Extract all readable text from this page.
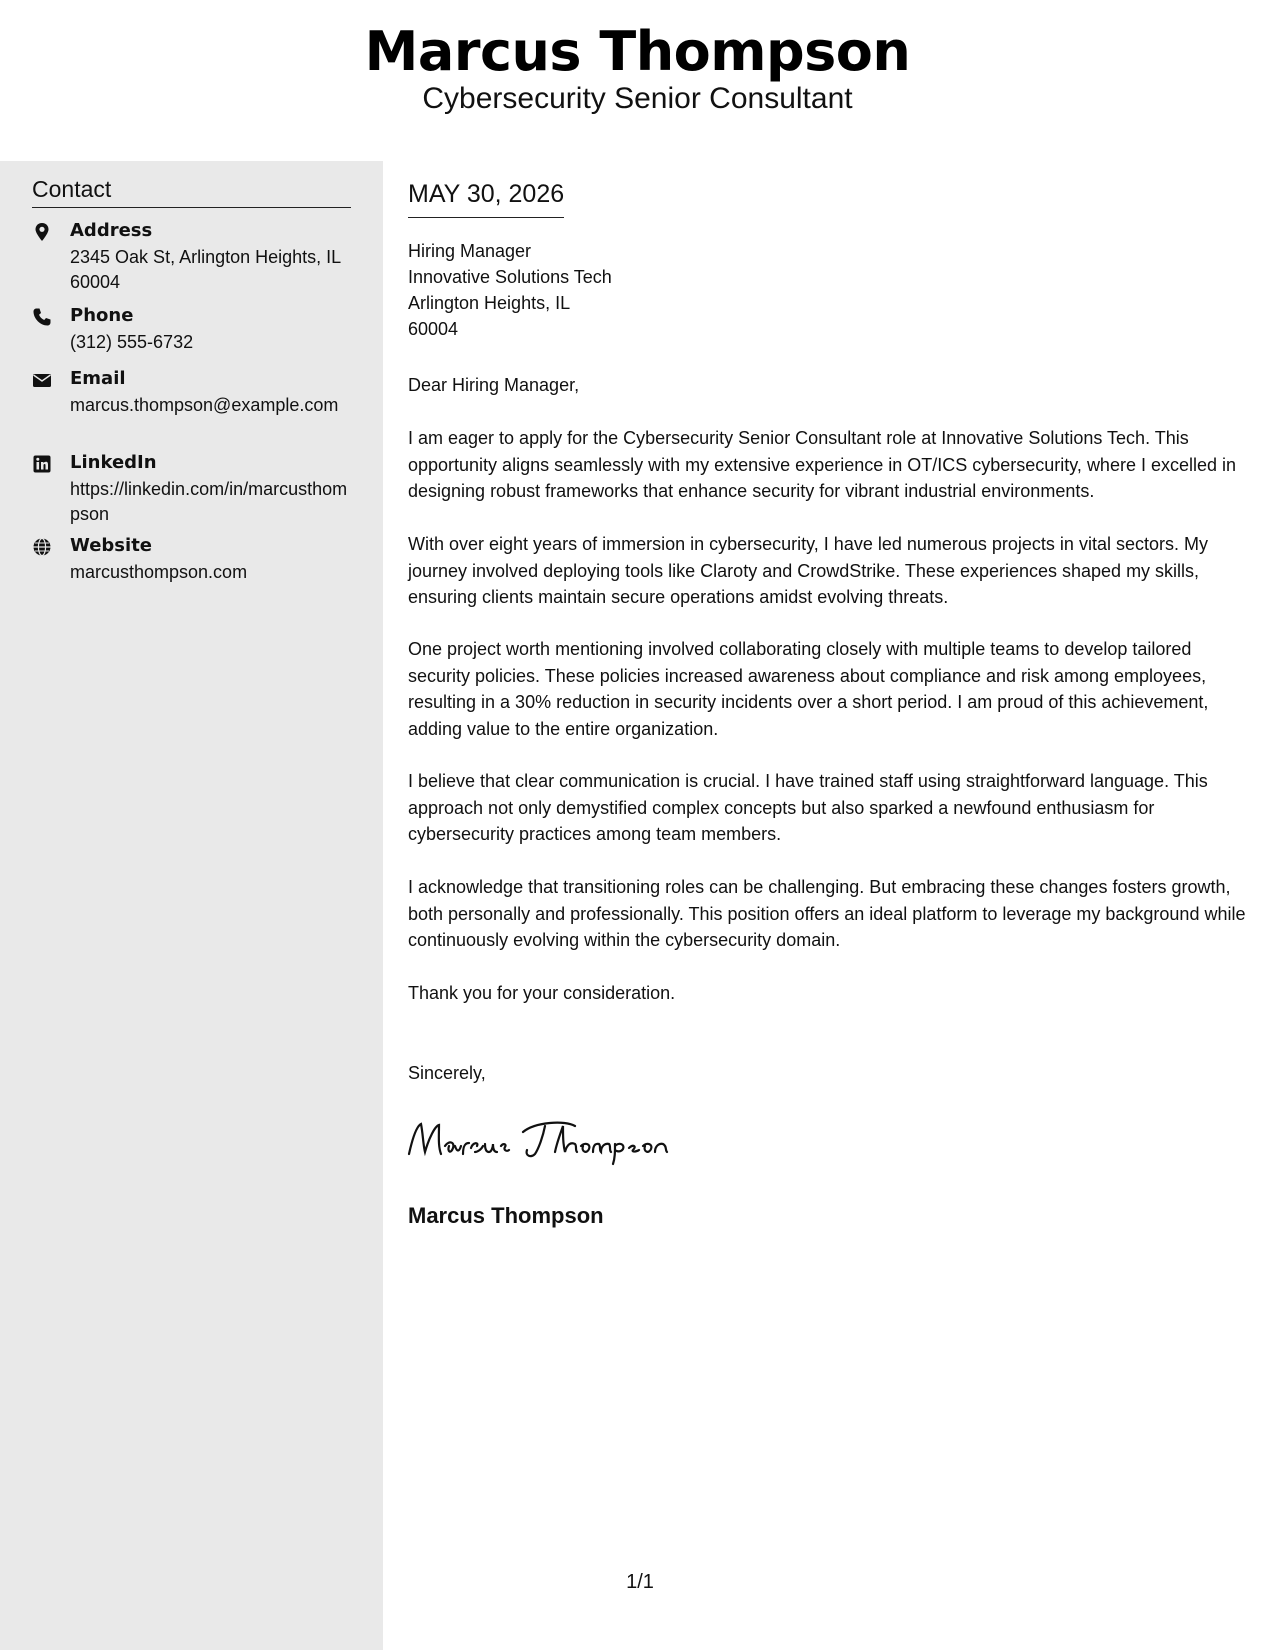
Marcus Thompson
Cybersecurity Senior Consultant
Contact
Address
2345 Oak St, Arlington Heights, IL 60004
Phone
(312) 555-6732
Email
marcus.thompson@example.com
LinkedIn
https://linkedin.com/in/marcusthompson
Website
marcusthompson.com
MAY 30, 2026
Hiring Manager
Innovative Solutions Tech
Arlington Heights, IL
60004
Dear Hiring Manager,
I am eager to apply for the Cybersecurity Senior Consultant role at Innovative Solutions Tech. This opportunity aligns seamlessly with my extensive experience in OT/ICS cybersecurity, where I excelled in designing robust frameworks that enhance security for vibrant industrial environments.
With over eight years of immersion in cybersecurity, I have led numerous projects in vital sectors. My journey involved deploying tools like Claroty and CrowdStrike. These experiences shaped my skills, ensuring clients maintain secure operations amidst evolving threats.
One project worth mentioning involved collaborating closely with multiple teams to develop tailored security policies. These policies increased awareness about compliance and risk among employees, resulting in a 30% reduction in security incidents over a short period. I am proud of this achievement, adding value to the entire organization.
I believe that clear communication is crucial. I have trained staff using straightforward language. This approach not only demystified complex concepts but also sparked a newfound enthusiasm for cybersecurity practices among team members.
I acknowledge that transitioning roles can be challenging. But embracing these changes fosters growth, both personally and professionally. This position offers an ideal platform to leverage my background while continuously evolving within the cybersecurity domain.
Thank you for your consideration.
Sincerely,
Marcus Thompson
1/1
